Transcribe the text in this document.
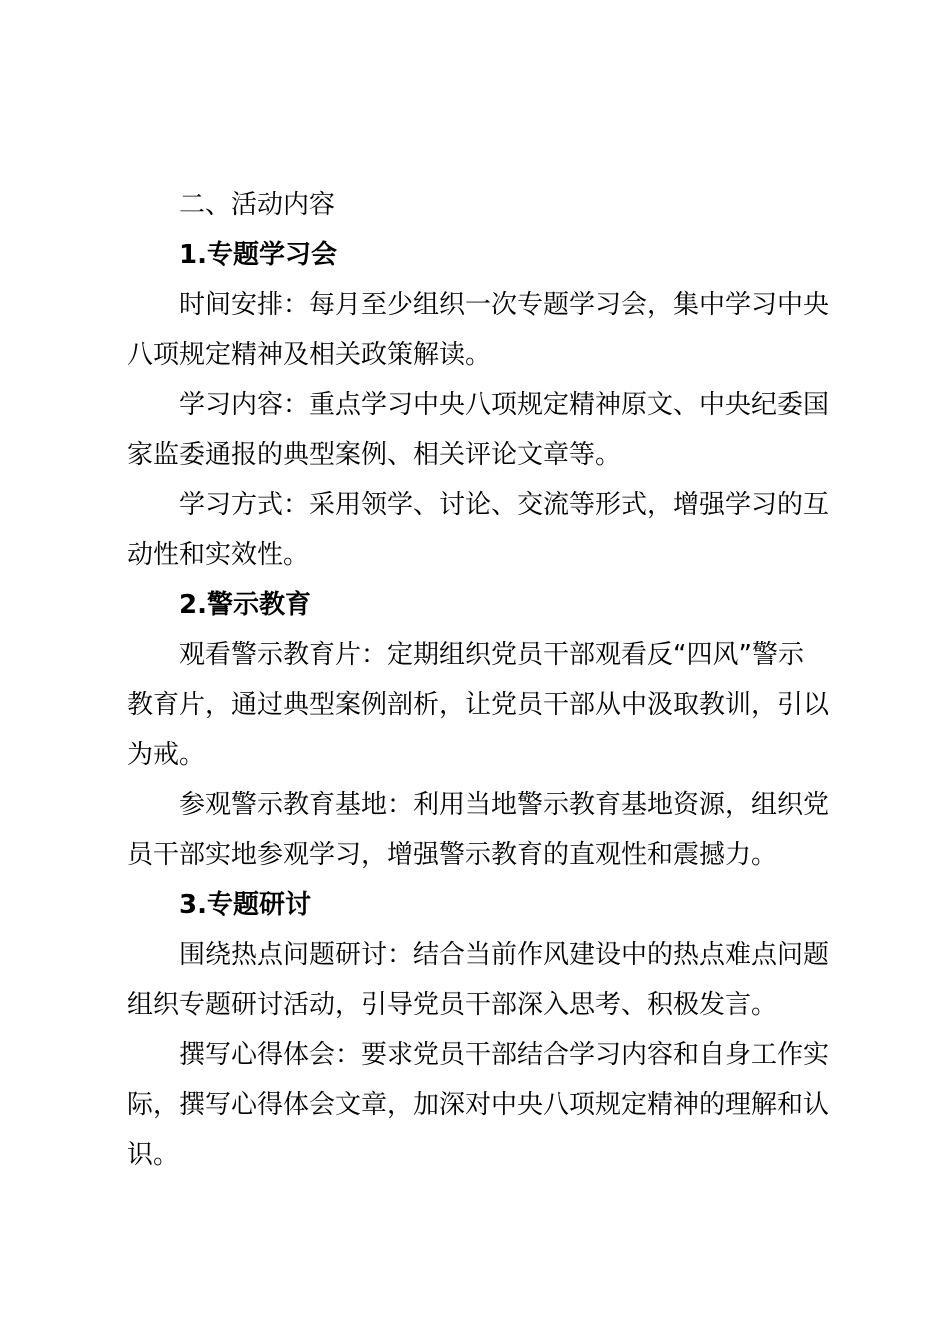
二、活动内容
1.专题学习会
时间安排：每月至少组织一次专题学习会，集中学习中央
八项规定精神及相关政策解读。
学习内容：重点学习中央八项规定精神原文、中央纪委国
家监委通报的典型案例、相关评论文章等。
学习方式：采用领学、讨论、交流等形式，增强学习的互
动性和实效性。
2.警示教育
观看警示教育片：定期组织党员干部观看反“四风”警示
教育片，通过典型案例剖析，让党员干部从中汲取教训，引以
为戒。
参观警示教育基地：利用当地警示教育基地资源，组织党
员干部实地参观学习，增强警示教育的直观性和震撼力。
3.专题研讨
围绕热点问题研讨：结合当前作风建设中的热点难点问题
组织专题研讨活动，引导党员干部深入思考、积极发言。
撰写心得体会：要求党员干部结合学习内容和自身工作实
际，撰写心得体会文章，加深对中央八项规定精神的理解和认
识。
